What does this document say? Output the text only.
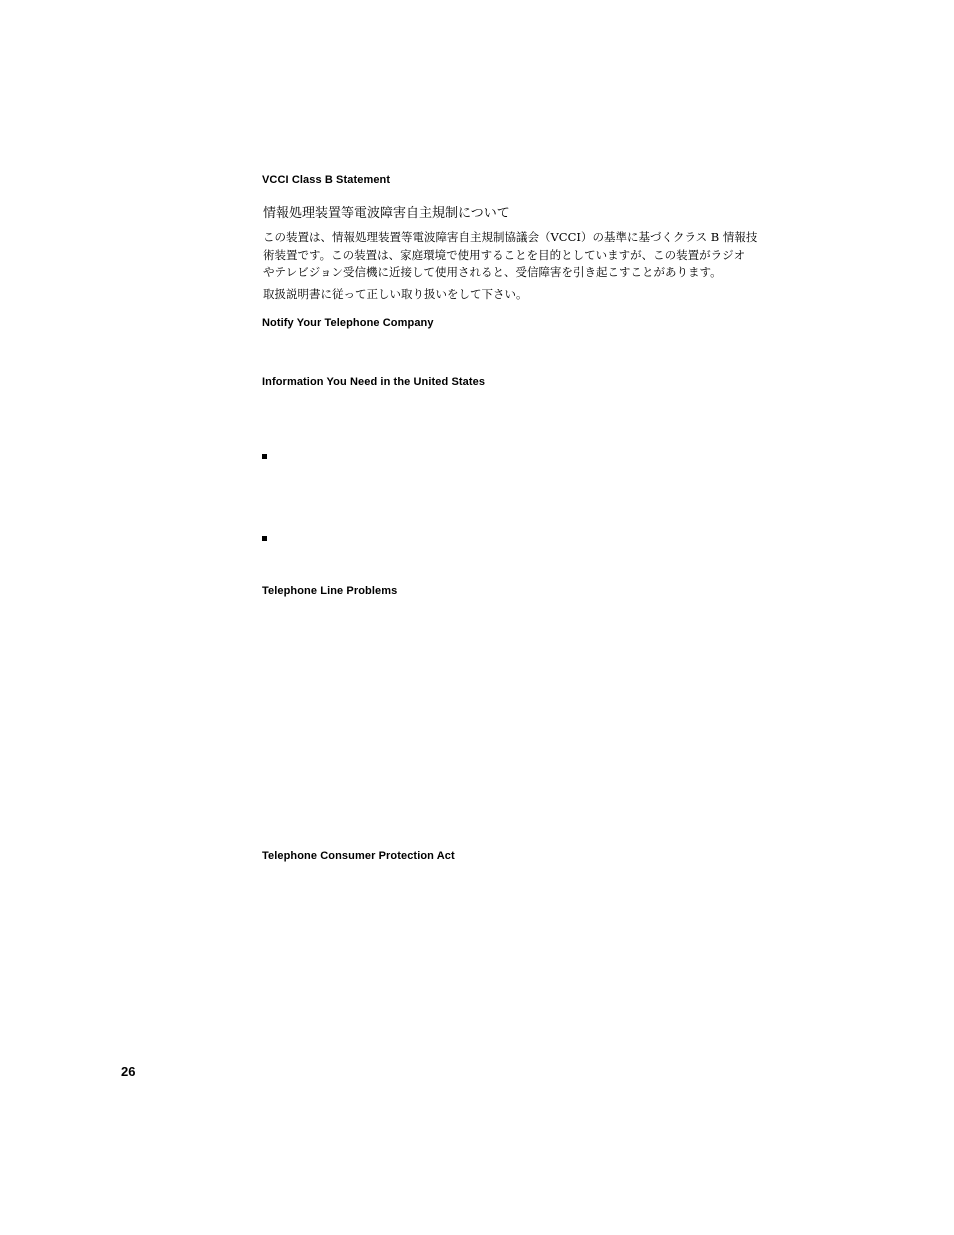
VCCI Class B Statement
情報処理装置等電波障害自主規制について
この装置は、情報処理装置等電波障害自主規制協議会（VCCI）の基準に基づくクラス B 情報技
術装置です。この装置は、家庭環境で使用することを目的としていますが、この装置がラジオ
やテレビジョン受信機に近接して使用されると、受信障害を引き起こすことがあります。
取扱説明書に従って正しい取り扱いをして下さい。
Notify Your Telephone Company
Information You Need in the United States
Telephone Line Problems
Telephone Consumer Protection Act
26
